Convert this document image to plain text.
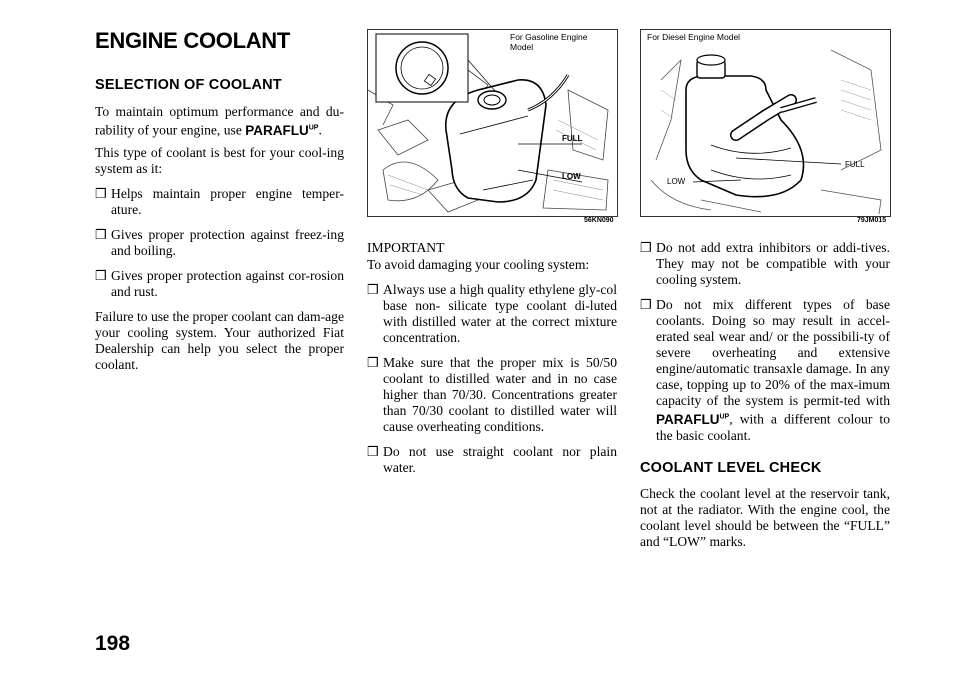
ENGINE COOLANT
SELECTION OF COOLANT

To maintain optimum performance and du-rability of your engine, use $PARAFLU^{UP}$.

This type of coolant is best for your cool-ing system as it:

❒ Helps maintain proper engine temper-ature.
❒ Gives proper protection against freez-ing and boiling.
❒ Gives proper protection against cor-rosion and rust.

Failure to use the proper coolant can dam-age your cooling system. Your authorized Fiat Dealership can help you select the proper coolant.

For Gasoline Engine Model
FULL
LOW
56KN090

IMPORTANT

To avoid damaging your cooling system:

❒ Always use a high quality ethylene gly-col base non- silicate type coolant di-luted with distilled water at the correct mixture concentration.
❒ Make sure that the proper mix is 50/50 coolant to distilled water and in no case higher than 70/30. Concentrations greater than 70/30 coolant to distilled water will cause overheating conditions.
❒ Do not use straight coolant nor plain water.
For Diesel Engine Model
FULL
LOW
79JM015
❒ Do not add extra inhibitors or addi-tives. They may not be compatible with your cooling system.
❒ Do not mix different types of base coolants. Doing so may result in accel-erated seal wear and/ or the possibili-ty of severe overheating and extensive engine/automatic transaxle damage. In any case, topping up to 20% of the max-imum capacity of the system is permit-ted with $PARAFLU^{UP}$, with a different colour to the basic coolant.
COOLANT LEVEL CHECK

Check the coolant level at the reservoir tank, not at the radiator. With the engine cool, the coolant level should be between the “FULL” and “LOW” marks.

198
